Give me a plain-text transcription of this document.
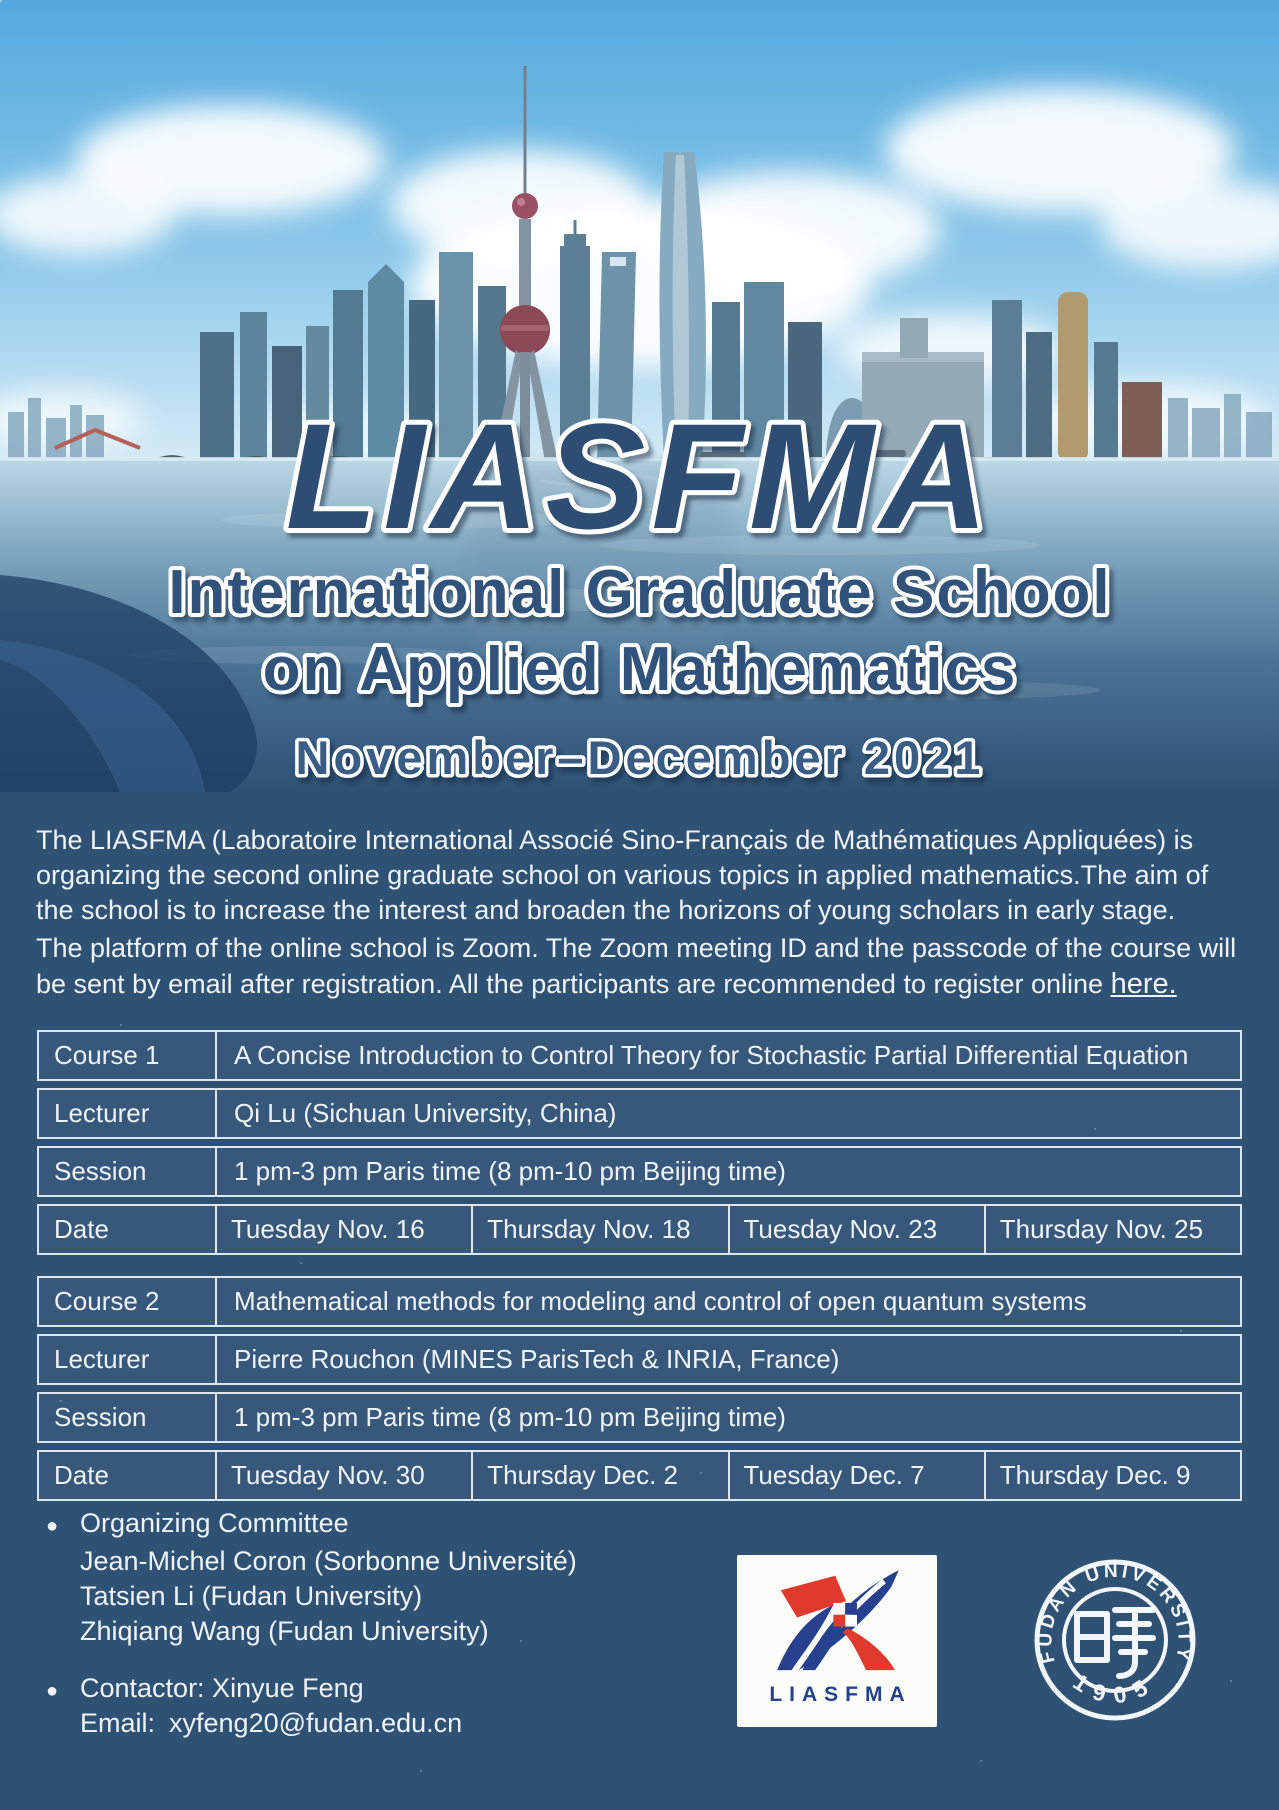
LIASFMA
International Graduate School
on Applied Mathematics
November–December 2021

The LIASFMA (Laboratoire International Associé Sino-Français de Mathématiques Appliquées) is organizing the second online graduate school on various topics in applied mathematics.The aim of the school is to increase the interest and broaden the horizons of young scholars in early stage.

The platform of the online school is Zoom. The Zoom meeting ID and the passcode of the course will be sent by email after registration. All the participants are recommended to register online here.

Course 1	A Concise Introduction to Control Theory for Stochastic Partial Differential Equation
Lecturer	Qi Lu (Sichuan University, China)
Session	1 pm-3 pm Paris time (8 pm-10 pm Beijing time)
Date	Tuesday Nov. 16	Thursday Nov. 18	Tuesday Nov. 23	Thursday Nov. 25
Course 2	Mathematical methods for modeling and control of open quantum systems
Lecturer	Pierre Rouchon (MINES ParisTech & INRIA, France)
Session	1 pm-3 pm Paris time (8 pm-10 pm Beijing time)
Date	Tuesday Nov. 30	Thursday Dec. 2	Tuesday Dec. 7	Thursday Dec. 9
● Organizing Committee
Jean-Michel Coron (Sorbonne Université)
Tatsien Li (Fudan University)
Zhiqiang Wang (Fudan University)
● Contactor: Xinyue Feng
Email: xyfeng20@fudan.edu.cn
LIASFMA
FUDAN UNIVERSITY
1905
